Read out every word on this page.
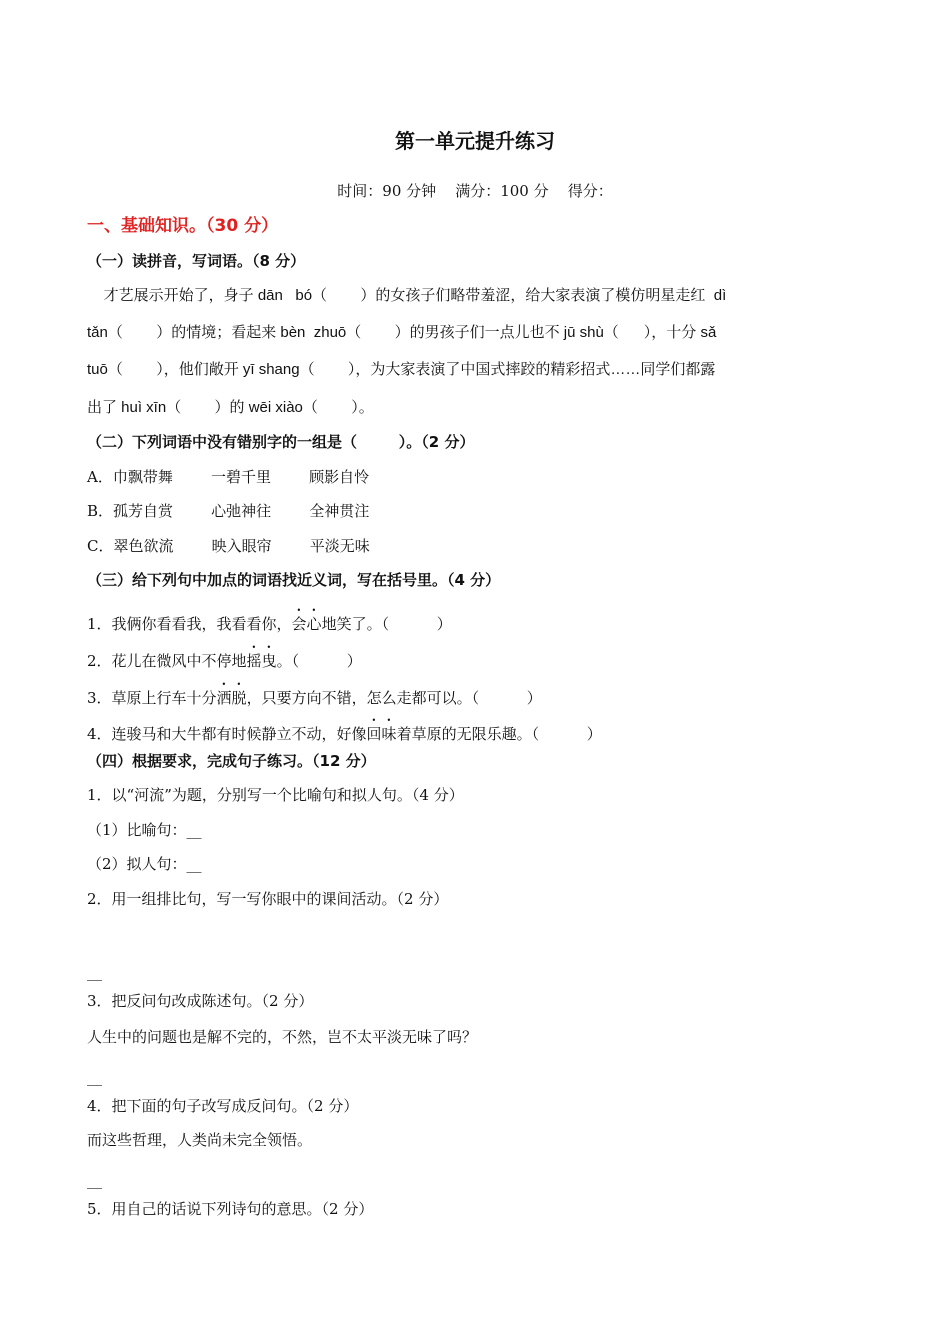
第一单元提升练习
时间：90 分钟    满分：100 分    得分：
一、基础知识。（30 分）
（一）读拼音，写词语。（8 分）
才艺展示开始了，身子 dān   bó（        ）的女孩子们略带羞涩，给大家表演了模仿明星走红  dì
tǎn（        ）的情境；看起来 bèn  zhuō（        ）的男孩子们一点儿也不 jū shù（      ），十分 sǎ
tuō（        ），他们敞开 yī shang（        ），为大家表演了中国式摔跤的精彩招式……同学们都露
出了 huì xīn（        ）的 wēi xiào（        ）。
（二）下列词语中没有错别字的一组是（        ）。（2 分）
A．巾飘带舞        一碧千里        顾影自怜
B．孤芳自赏        心弛神往        全神贯注
C．翠色欲流        映入眼帘        平淡无味
（三）给下列句中加点的词语找近义词，写在括号里。（4 分）
1．我俩你看看我，我看看你，会心地笑了。（          ）
2．花儿在微风中不停地摇曳。（          ）
3．草原上行车十分洒脱，只要方向不错，怎么走都可以。（          ）
4．连骏马和大牛都有时候静立不动，好像回味着草原的无限乐趣。（          ）
（四）根据要求，完成句子练习。（12 分）
1．以“河流”为题，分别写一个比喻句和拟人句。（4 分）
（1）比喻句：__
（2）拟人句：__
2．用一组排比句，写一写你眼中的课间活动。（2 分）
__
3．把反问句改成陈述句。（2 分）
人生中的问题也是解不完的，不然，岂不太平淡无味了吗？
__
4．把下面的句子改写成反问句。（2 分）
而这些哲理，人类尚未完全领悟。
__
5．用自己的话说下列诗句的意思。（2 分）
